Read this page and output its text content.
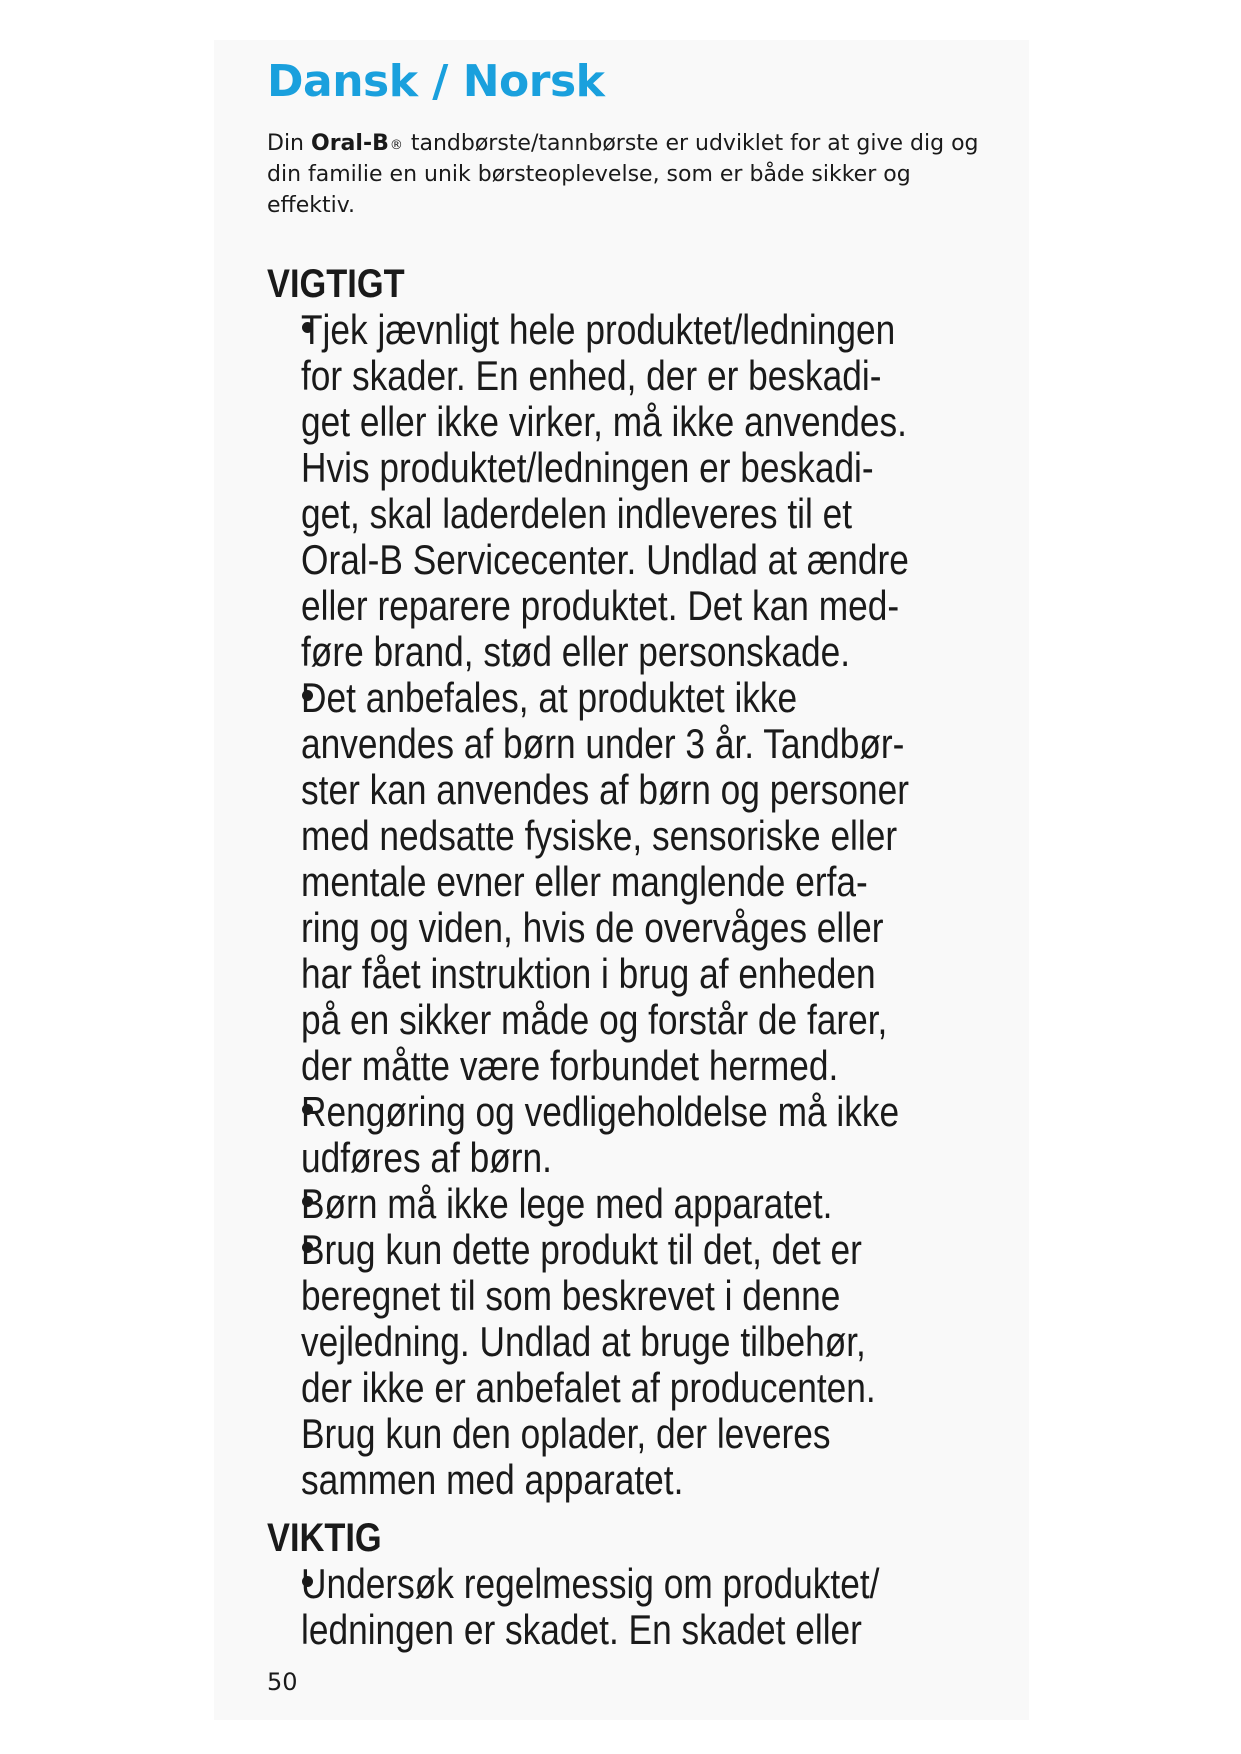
Dansk / Norsk

Din Oral-B® tandbørste/tannbørste er udviklet for at give dig og din familie en unik børsteoplevelse, som er både sikker og effektiv.

VIGTIGT
Tjek jævnligt hele produktet/ledningen
for skader. En enhed, der er beskadi-
get eller ikke virker, må ikke anvendes.
Hvis produktet/ledningen er beskadi-
get, skal laderdelen indleveres til et
Oral-B Servicecenter. Undlad at ændre
eller reparere produktet. Det kan med-
føre brand, stød eller personskade.
Det anbefales, at produktet ikke
anvendes af børn under 3 år. Tandbør-
ster kan anvendes af børn og personer
med nedsatte fysiske, sensoriske eller
mentale evner eller manglende erfa-
ring og viden, hvis de overvåges eller
har fået instruktion i brug af enheden
på en sikker måde og forstår de farer,
der måtte være forbundet hermed.
Rengøring og vedligeholdelse må ikke
udføres af børn.
Børn må ikke lege med apparatet.
Brug kun dette produkt til det, det er
beregnet til som beskrevet i denne
vejledning. Undlad at bruge tilbehør,
der ikke er anbefalet af producenten.
Brug kun den oplader, der leveres
sammen med apparatet.
VIKTIG
Undersøk regelmessig om produktet/
ledningen er skadet. En skadet eller
50
